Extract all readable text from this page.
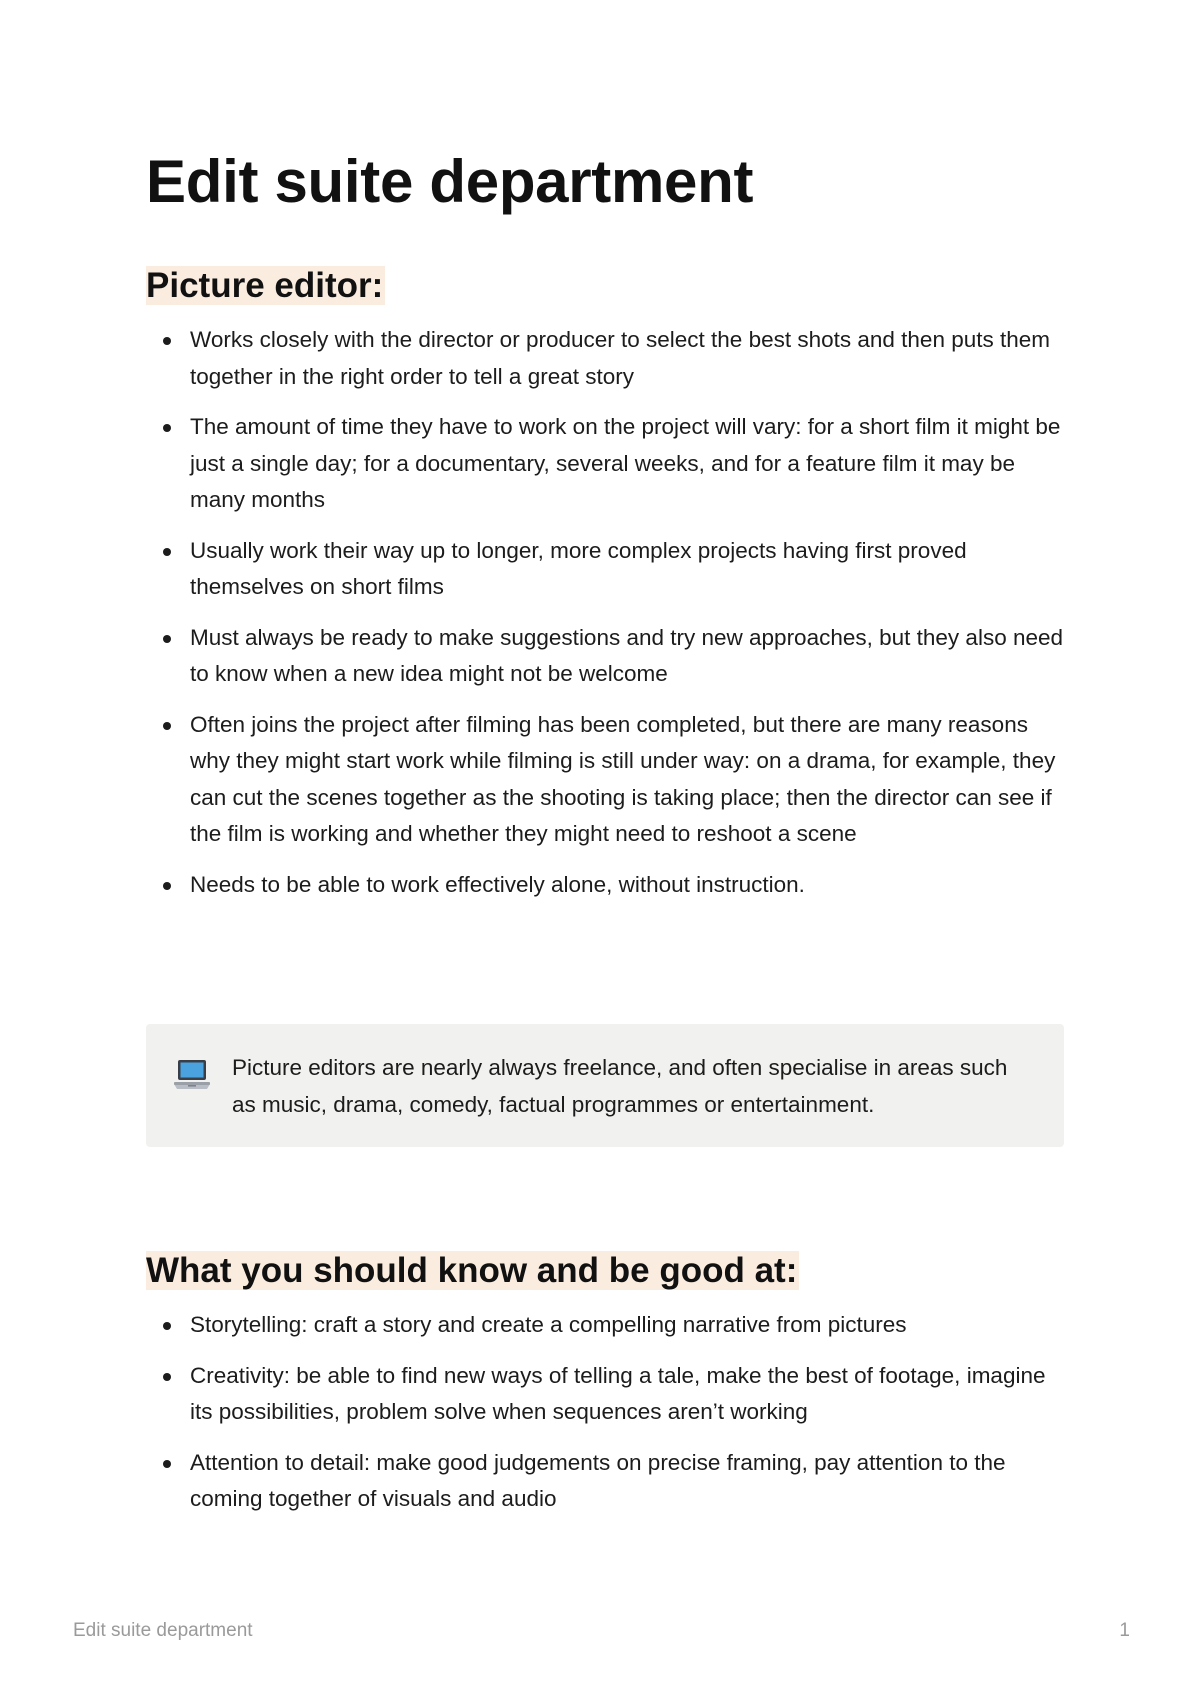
Edit suite department
Picture editor:
Works closely with the director or producer to select the best shots and then puts them together in the right order to tell a great story
The amount of time they have to work on the project will vary: for a short film it might be just a single day; for a documentary, several weeks, and for a feature film it may be many months
Usually work their way up to longer, more complex projects having first proved themselves on short films
Must always be ready to make suggestions and try new approaches, but they also need to know when a new idea might not be welcome
Often joins the project after filming has been completed, but there are many reasons why they might start work while filming is still under way: on a drama, for example, they can cut the scenes together as the shooting is taking place; then the director can see if the film is working and whether they might need to reshoot a scene
Needs to be able to work effectively alone, without instruction.
Picture editors are nearly always freelance, and often specialise in areas such as music, drama, comedy, factual programmes or entertainment.
What you should know and be good at:
Storytelling: craft a story and create a compelling narrative from pictures
Creativity: be able to find new ways of telling a tale, make the best of footage, imagine its possibilities, problem solve when sequences aren’t working
Attention to detail: make good judgements on precise framing, pay attention to the coming together of visuals and audio
Edit suite department	1
